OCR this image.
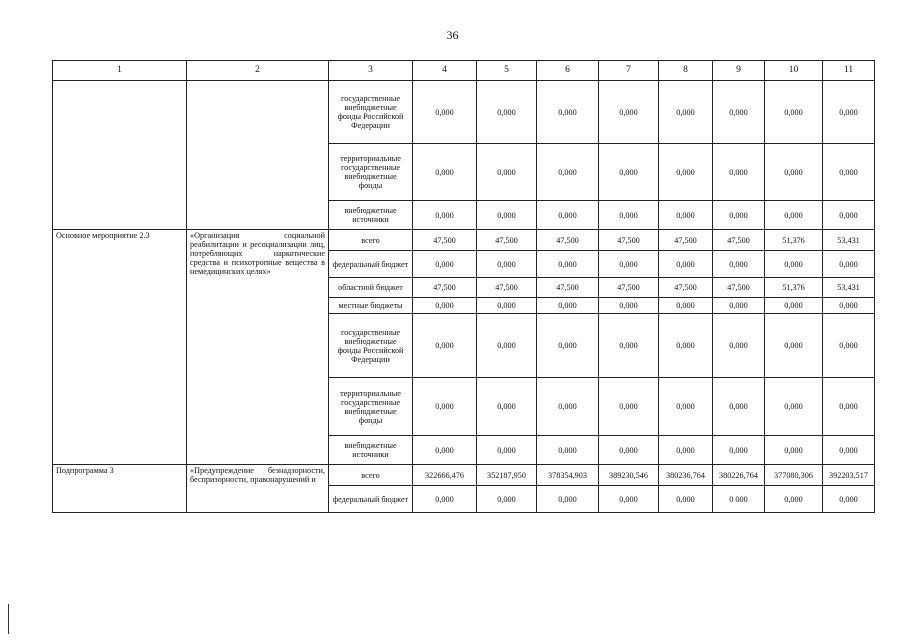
36
1	2	3	4	5	6	7	8	9	10	11
		государственные внебюджетные фонды Российской Федерации	0,000	0,000	0,000	0,000	0,000	0,000	0,000	0,000
		территориальные государственные внебюджетные фонды	0,000	0,000	0,000	0,000	0,000	0,000	0,000	0,000
		внебюджетные источники	0,000	0,000	0,000	0,000	0,000	0,000	0,000	0,000
Основное мероприятие 2.3	«Организация социальной реабилитации и ресоциализации лиц, потребляющих наркотические средства и психотропные вещества в немедицинских целях»	всего	47,500	47,500	47,500	47,500	47,500	47,500	51,376	53,431
		федеральный бюджет	0,000	0,000	0,000	0,000	0,000	0,000	0,000	0,000
		областной бюджет	47,500	47,500	47,500	47,500	47,500	47,500	51,376	53,431
		местные бюджеты	0,000	0,000	0,000	0,000	0,000	0,000	0,000	0,000
		государственные внебюджетные фонды Российской Федерации	0,000	0,000	0,000	0,000	0,000	0,000	0,000	0,000
		территориальные государственные внебюджетные фонды	0,000	0,000	0,000	0,000	0,000	0,000	0,000	0,000
		внебюджетные источники	0,000	0,000	0,000	0,000	0,000	0,000	0,000	0,000
Подпрограмма 3	«Предупреждение безнадзорности, беспризорности, правонарушений и	всего	322666,476	352187,950	378354,903	389230,546	380236,764	380226,764	377080,306	392203,517
		федеральный бюджет	0,000	0,000	0,000	0,000	0,000	0 000	0,000	0,000
